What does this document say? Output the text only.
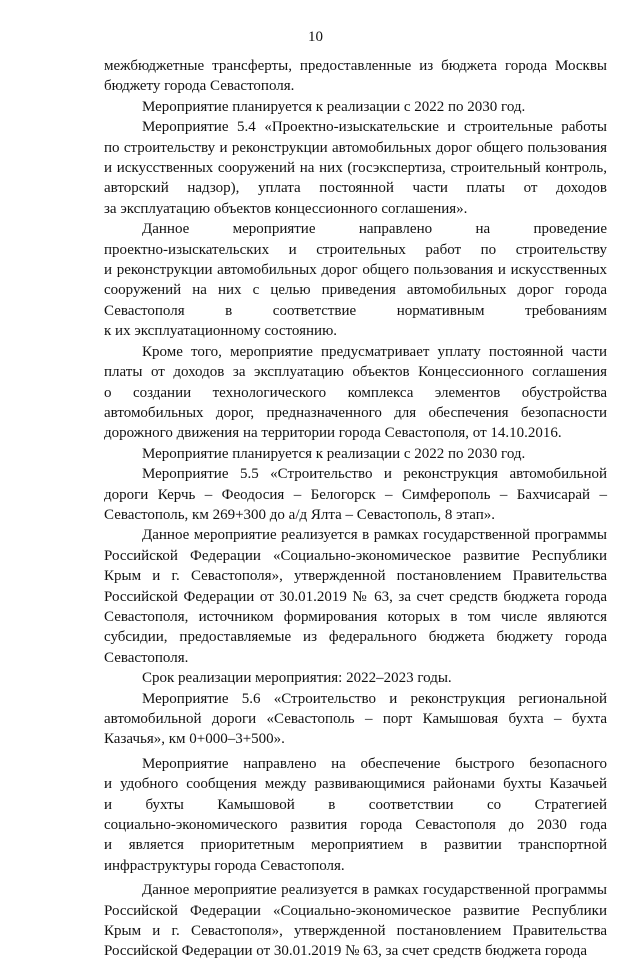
10

межбюджетные трансферты, предоставленные из бюджета города Москвы
бюджету города Севастополя.

Мероприятие планируется к реализации с 2022 по 2030 год.

Мероприятие 5.4 «Проектно-изыскательские и строительные работы
по строительству и реконструкции автомобильных дорог общего пользования
и искусственных сооружений на них (госэкспертиза, строительный контроль,
авторский надзор), уплата постоянной части платы от доходов
за эксплуатацию объектов концессионного соглашения».

Данное мероприятие направлено на проведение
проектно-изыскательских и строительных работ по строительству
и реконструкции автомобильных дорог общего пользования и искусственных
сооружений на них с целью приведения автомобильных дорог города
Севастополя в соответствие нормативным требованиям
к их эксплуатационному состоянию.

Кроме того, мероприятие предусматривает уплату постоянной части
платы от доходов за эксплуатацию объектов Концессионного соглашения
о создании технологического комплекса элементов обустройства
автомобильных дорог, предназначенного для обеспечения безопасности
дорожного движения на территории города Севастополя, от 14.10.2016.

Мероприятие планируется к реализации с 2022 по 2030 год.

Мероприятие 5.5 «Строительство и реконструкция автомобильной
дороги Керчь – Феодосия – Белогорск – Симферополь – Бахчисарай –
Севастополь, км 269+300 до а/д Ялта – Севастополь, 8 этап».

Данное мероприятие реализуется в рамках государственной программы
Российской Федерации «Социально-экономическое развитие Республики
Крым и г. Севастополя», утвержденной постановлением Правительства
Российской Федерации от 30.01.2019 № 63, за счет средств бюджета города
Севастополя, источником формирования которых в том числе являются
субсидии, предоставляемые из федерального бюджета бюджету города
Севастополя.

Срок реализации мероприятия: 2022–2023 годы.

Мероприятие 5.6 «Строительство и реконструкция региональной
автомобильной дороги «Севастополь – порт Камышовая бухта – бухта
Казачья», км 0+000–3+500».

Мероприятие направлено на обеспечение быстрого безопасного
и удобного сообщения между развивающимися районами бухты Казачьей
и бухты Камышовой в соответствии со Стратегией
социально-экономического развития города Севастополя до 2030 года
и является приоритетным мероприятием в развитии транспортной
инфраструктуры города Севастополя.

Данное мероприятие реализуется в рамках государственной программы
Российской Федерации «Социально-экономическое развитие Республики
Крым и г. Севастополя», утвержденной постановлением Правительства
Российской Федерации от 30.01.2019 № 63, за счет средств бюджета города
